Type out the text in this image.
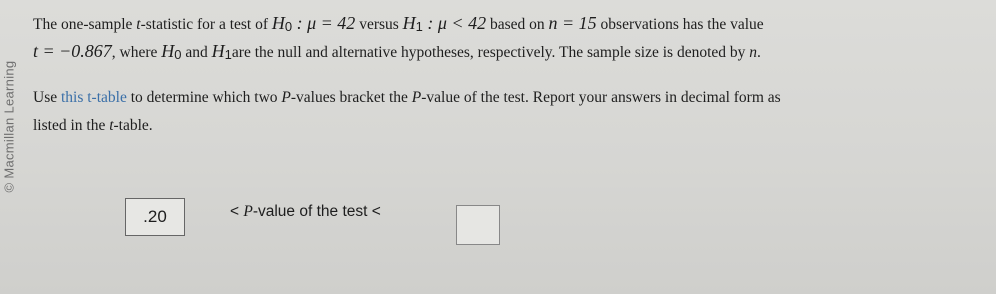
© Macmillan Learning
The one-sample t-statistic for a test of H0 : μ = 42 versus H1 : μ < 42 based on n = 15 observations has the value
t = −0.867, where H0 and H1are the null and alternative hypotheses, respectively. The sample size is denoted by n.
Use this t-table to determine which two P-values bracket the P-value of the test. Report your answers in decimal form as
listed in the t-table.
.20	< P-value of the test <
